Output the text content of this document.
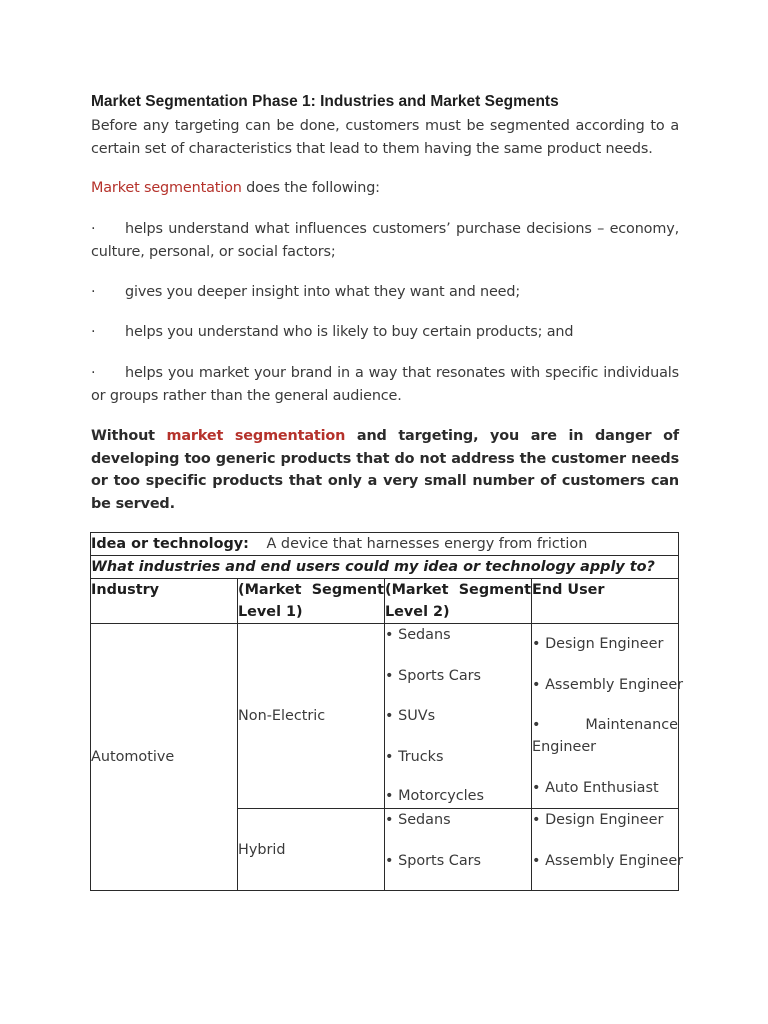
Market Segmentation Phase 1: Industries and Market Segments
Before any targeting can be done, customers must be segmented according to a certain set of characteristics that lead to them having the same product needs.
Market segmentation does the following:
· helps understand what influences customers’ purchase decisions – economy, culture, personal, or social factors;
· gives you deeper insight into what they want and need;
· helps you understand who is likely to buy certain products; and
· helps you market your brand in a way that resonates with specific individuals or groups rather than the general audience.
Without market segmentation and targeting, you are in danger of developing too generic products that do not address the customer needs or too specific products that only a very small number of customers can be served.
Idea or technology: A device that harnesses energy from friction			
What industries and end users could my idea or technology apply to?			
Industry	(Market Segment Level 1)	(Market Segment Level 2)	End User
Automotive	Non-Electric	• Sedans
• Sports Cars
• SUVs
• Trucks
• Motorcycles	• Design Engineer
• Assembly Engineer
• Maintenance Engineer
• Auto Enthusiast

	Hybrid	• Sedans
• Sports Cars	• Design Engineer
• Assembly Engineer
